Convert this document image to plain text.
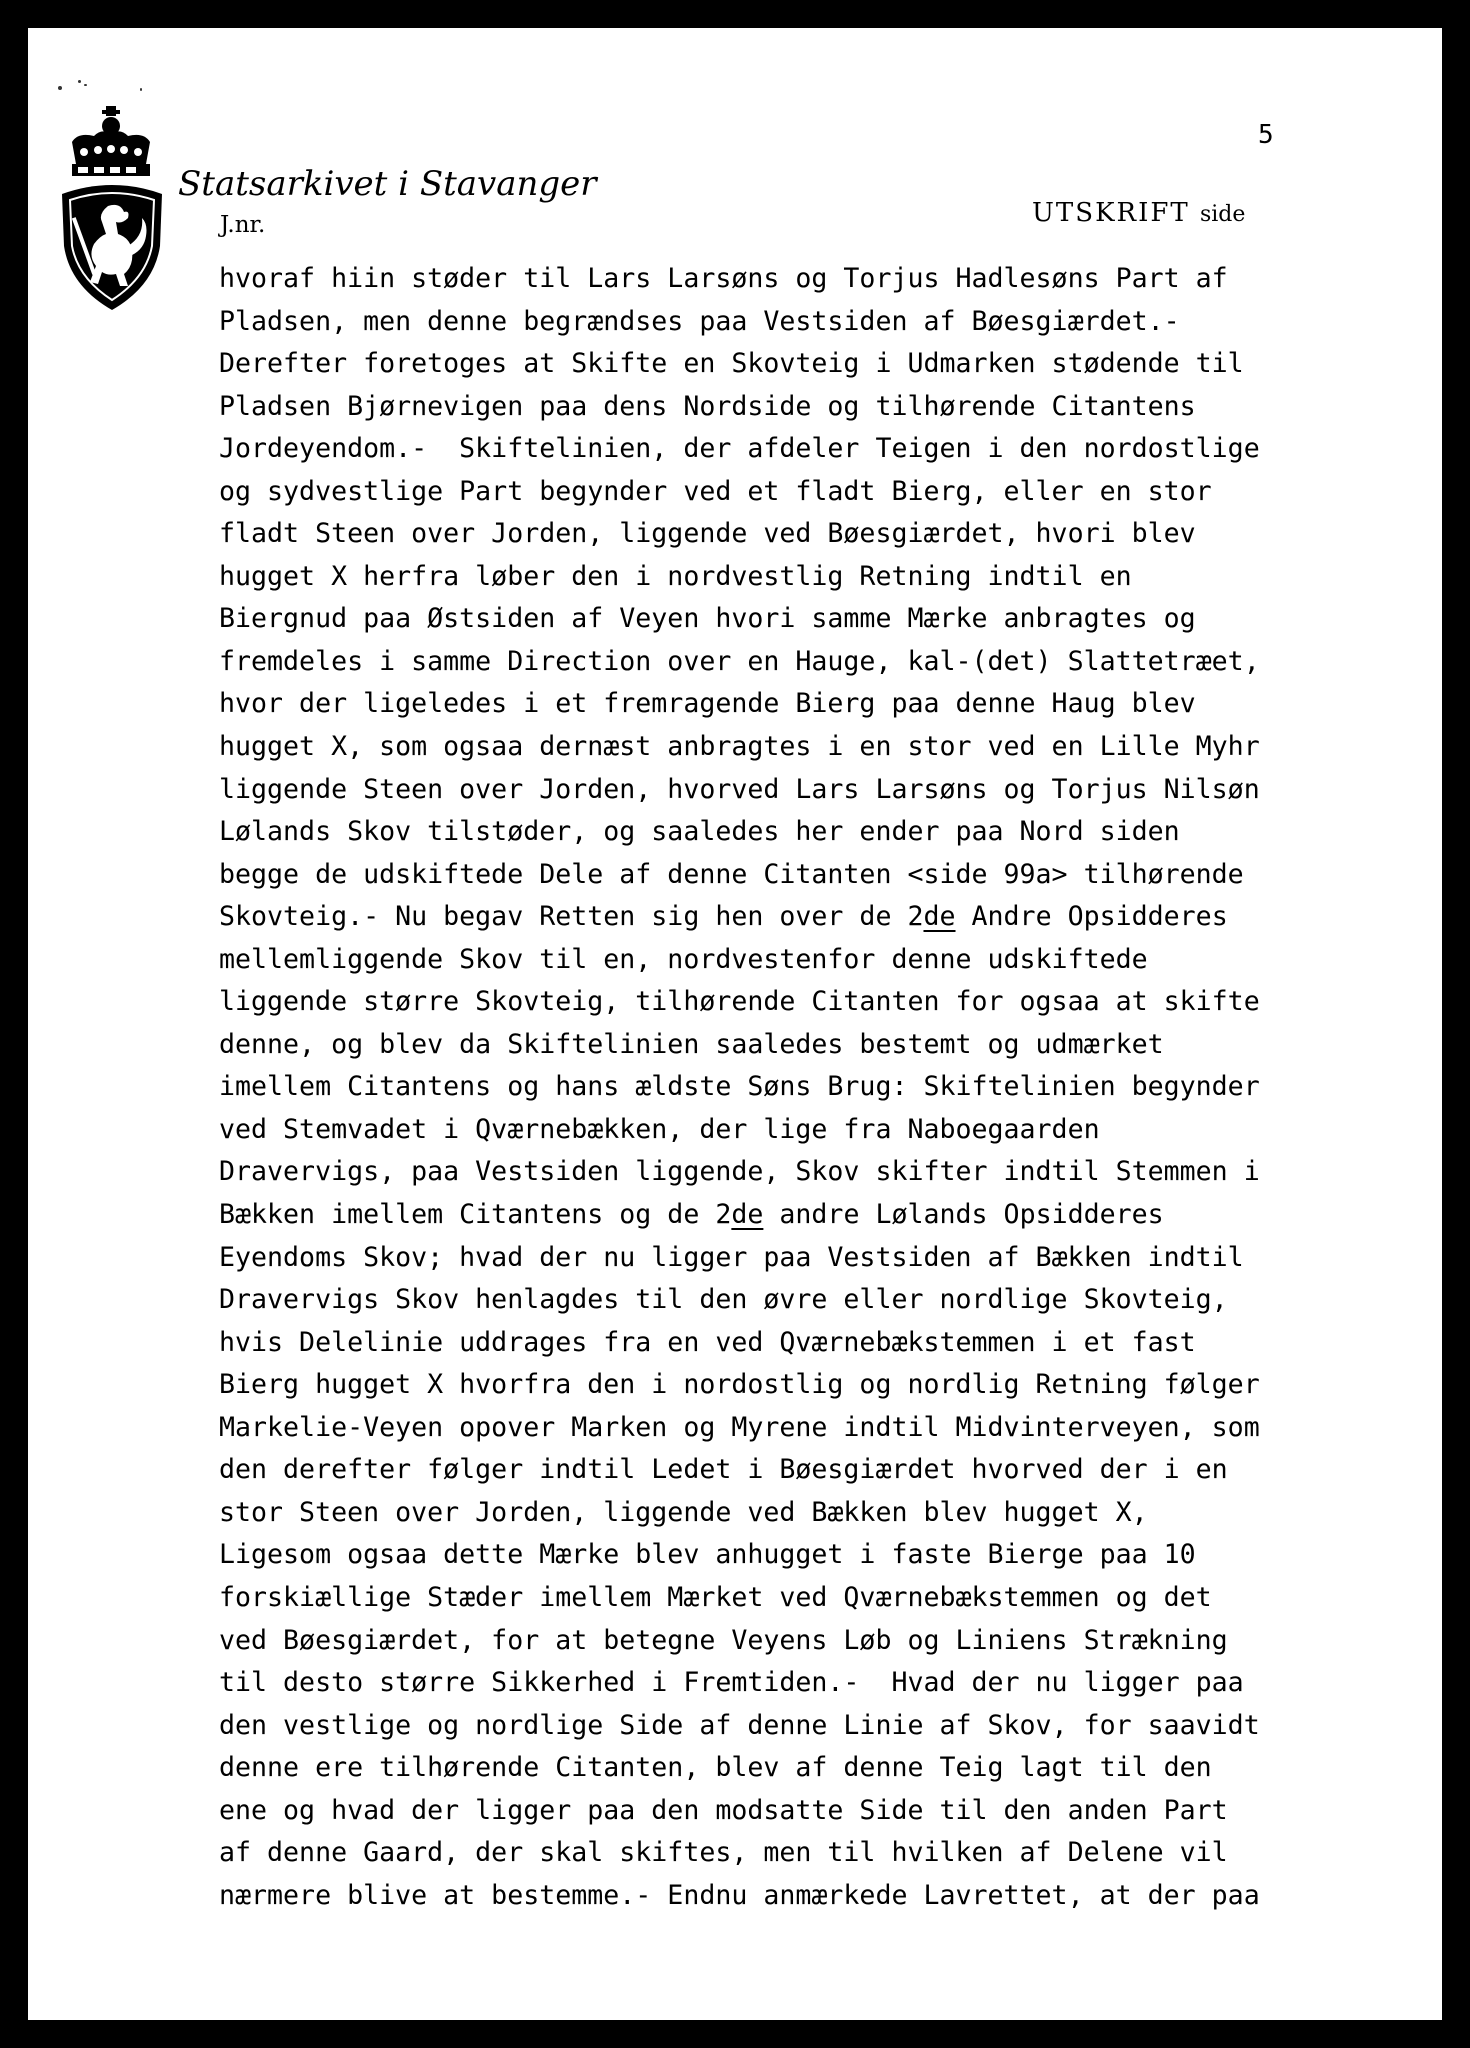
Statsarkivet i Stavanger
J.nr.
5
UTSKRIFT side
hvoraf hiin støder til Lars Larsøns og Torjus Hadlesøns Part af
Pladsen, men denne begrændses paa Vestsiden af Bøesgiærdet.-
Derefter foretoges at Skifte en Skovteig i Udmarken stødende til
Pladsen Bjørnevigen paa dens Nordside og tilhørende Citantens
Jordeyendom.-  Skiftelinien, der afdeler Teigen i den nordostlige
og sydvestlige Part begynder ved et fladt Bierg, eller en stor
fladt Steen over Jorden, liggende ved Bøesgiærdet, hvori blev
hugget X herfra løber den i nordvestlig Retning indtil en
Biergnud paa Østsiden af Veyen hvori samme Mærke anbragtes og
fremdeles i samme Direction over en Hauge, kal-(det) Slattetræet,
hvor der ligeledes i et fremragende Bierg paa denne Haug blev
hugget X, som ogsaa dernæst anbragtes i en stor ved en Lille Myhr
liggende Steen over Jorden, hvorved Lars Larsøns og Torjus Nilsøn
Lølands Skov tilstøder, og saaledes her ender paa Nord siden
begge de udskiftede Dele af denne Citanten <side 99a> tilhørende
Skovteig.- Nu begav Retten sig hen over de 2de Andre Opsidderes
mellemliggende Skov til en, nordvestenfor denne udskiftede
liggende større Skovteig, tilhørende Citanten for ogsaa at skifte
denne, og blev da Skiftelinien saaledes bestemt og udmærket
imellem Citantens og hans ældste Søns Brug: Skiftelinien begynder
ved Stemvadet i Qværnebækken, der lige fra Naboegaarden
Dravervigs, paa Vestsiden liggende, Skov skifter indtil Stemmen i
Bækken imellem Citantens og de 2de andre Lølands Opsidderes
Eyendoms Skov; hvad der nu ligger paa Vestsiden af Bækken indtil
Dravervigs Skov henlagdes til den øvre eller nordlige Skovteig,
hvis Delelinie uddrages fra en ved Qværnebækstemmen i et fast
Bierg hugget X hvorfra den i nordostlig og nordlig Retning følger
Markelie-Veyen opover Marken og Myrene indtil Midvinterveyen, som
den derefter følger indtil Ledet i Bøesgiærdet hvorved der i en
stor Steen over Jorden, liggende ved Bækken blev hugget X,
Ligesom ogsaa dette Mærke blev anhugget i faste Bierge paa 10
forskiællige Stæder imellem Mærket ved Qværnebækstemmen og det
ved Bøesgiærdet, for at betegne Veyens Løb og Liniens Strækning
til desto større Sikkerhed i Fremtiden.-  Hvad der nu ligger paa
den vestlige og nordlige Side af denne Linie af Skov, for saavidt
denne ere tilhørende Citanten, blev af denne Teig lagt til den
ene og hvad der ligger paa den modsatte Side til den anden Part
af denne Gaard, der skal skiftes, men til hvilken af Delene vil
nærmere blive at bestemme.- Endnu anmærkede Lavrettet, at der paa
